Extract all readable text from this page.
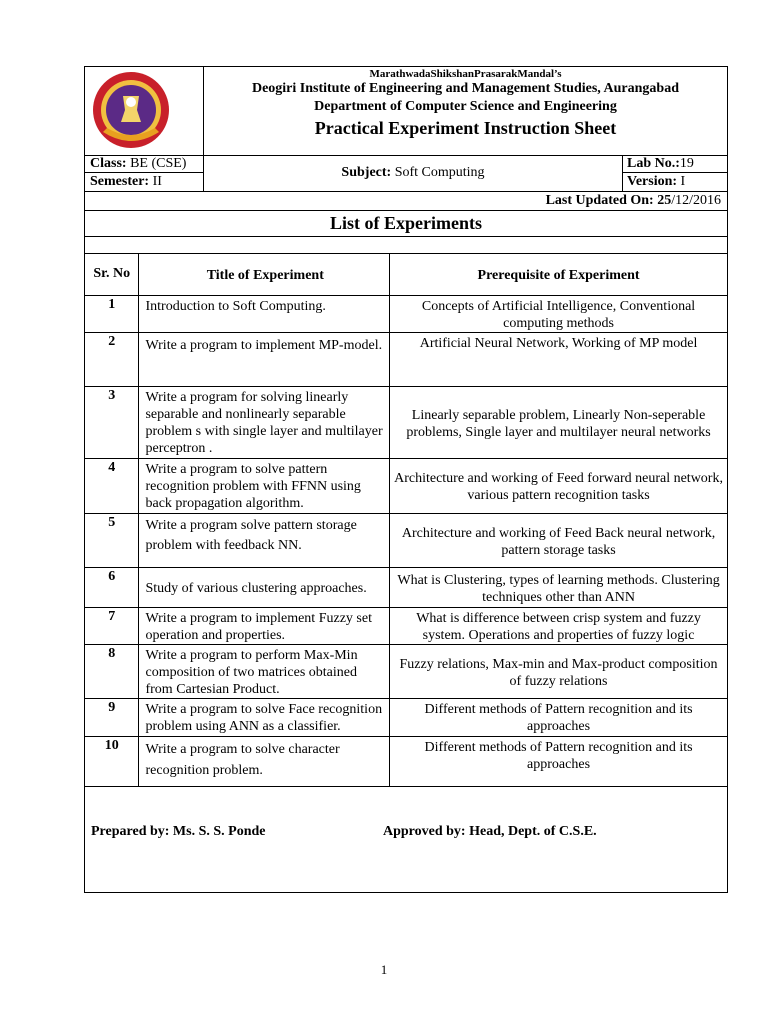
MarathwadaShikshanPrasarakMandal’s
Deogiri Institute of Engineering and Management Studies, Aurangabad
Department of Computer Science and Engineering
Practical Experiment Instruction Sheet
Class: BE (CSE)
Semester: II
Subject:
Soft Computing
Lab No.:19
Version: I
Last Updated On: 25/12/2016
List of Experiments
Sr. No	Title of Experiment	Prerequisite of Experiment
1	Introduction to Soft Computing.	Concepts of Artificial Intelligence, Conventional computing methods
2	Write a program to implement MP-model.	Artificial Neural Network, Working of MP model
3	Write a program for solving linearly separable and nonlinearly separable problem s with single layer and multilayer perceptron .	Linearly separable problem, Linearly Non-seperable problems, Single layer and multilayer neural networks
4	Write a program to solve pattern recognition problem with FFNN using back propagation algorithm.	Architecture and working of Feed forward neural network, various pattern recognition tasks
5	Write a program solve pattern storage problem with feedback NN.	Architecture and working of Feed Back neural network, pattern storage tasks
6	Study of various clustering approaches.	What is Clustering, types of learning methods. Clustering techniques other than ANN
7	Write a program to implement Fuzzy set operation and properties.	What is difference between crisp system and fuzzy system. Operations and properties of fuzzy logic
8	Write a program to perform Max-Min composition of two matrices obtained from Cartesian Product.	Fuzzy relations, Max-min and Max-product composition of fuzzy relations
9	Write a program to solve Face recognition problem using ANN as a classifier.	Different methods of Pattern recognition and its approaches
10	Write a program to solve character recognition problem.	Different methods of Pattern recognition and its approaches
Prepared by: Ms. S. S. Ponde	Approved by: Head, Dept. of C.S.E.
1
